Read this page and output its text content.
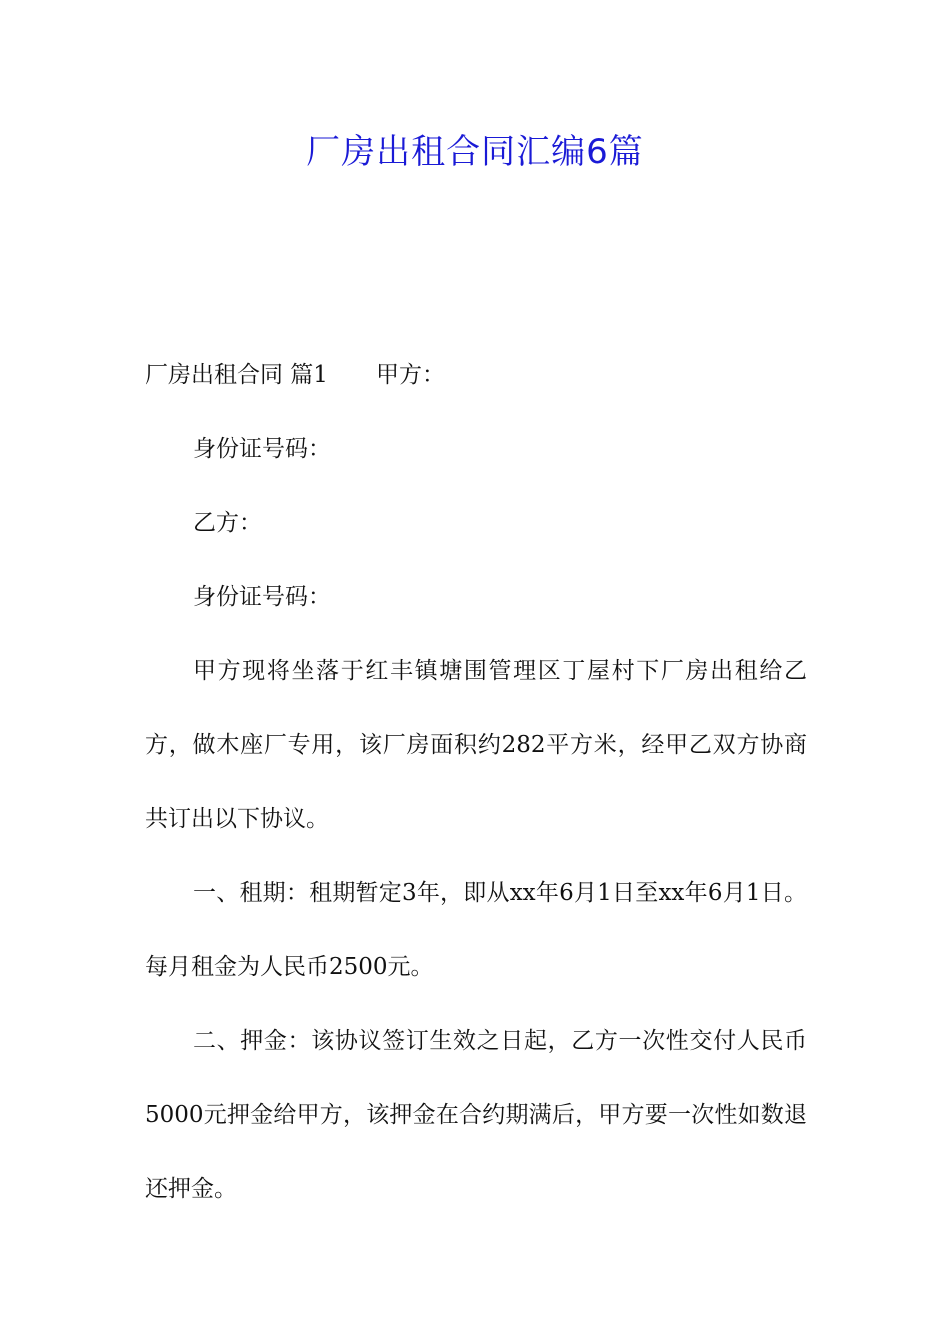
厂房出租合同汇编6篇

厂房出租合同 篇1 甲方：

身份证号码：

乙方：

身份证号码：

甲方现将坐落于红丰镇塘围管理区丁屋村下厂房出租给乙方，做木座厂专用，该厂房面积约282平方米，经甲乙双方协商共订出以下协议。

一、租期：租期暂定3年，即从xx年6月1日至xx年6月1日。每月租金为人民币2500元。

二、押金：该协议签订生效之日起，乙方一次性交付人民币5000元押金给甲方，该押金在合约期满后，甲方要一次性如数退还押金。
